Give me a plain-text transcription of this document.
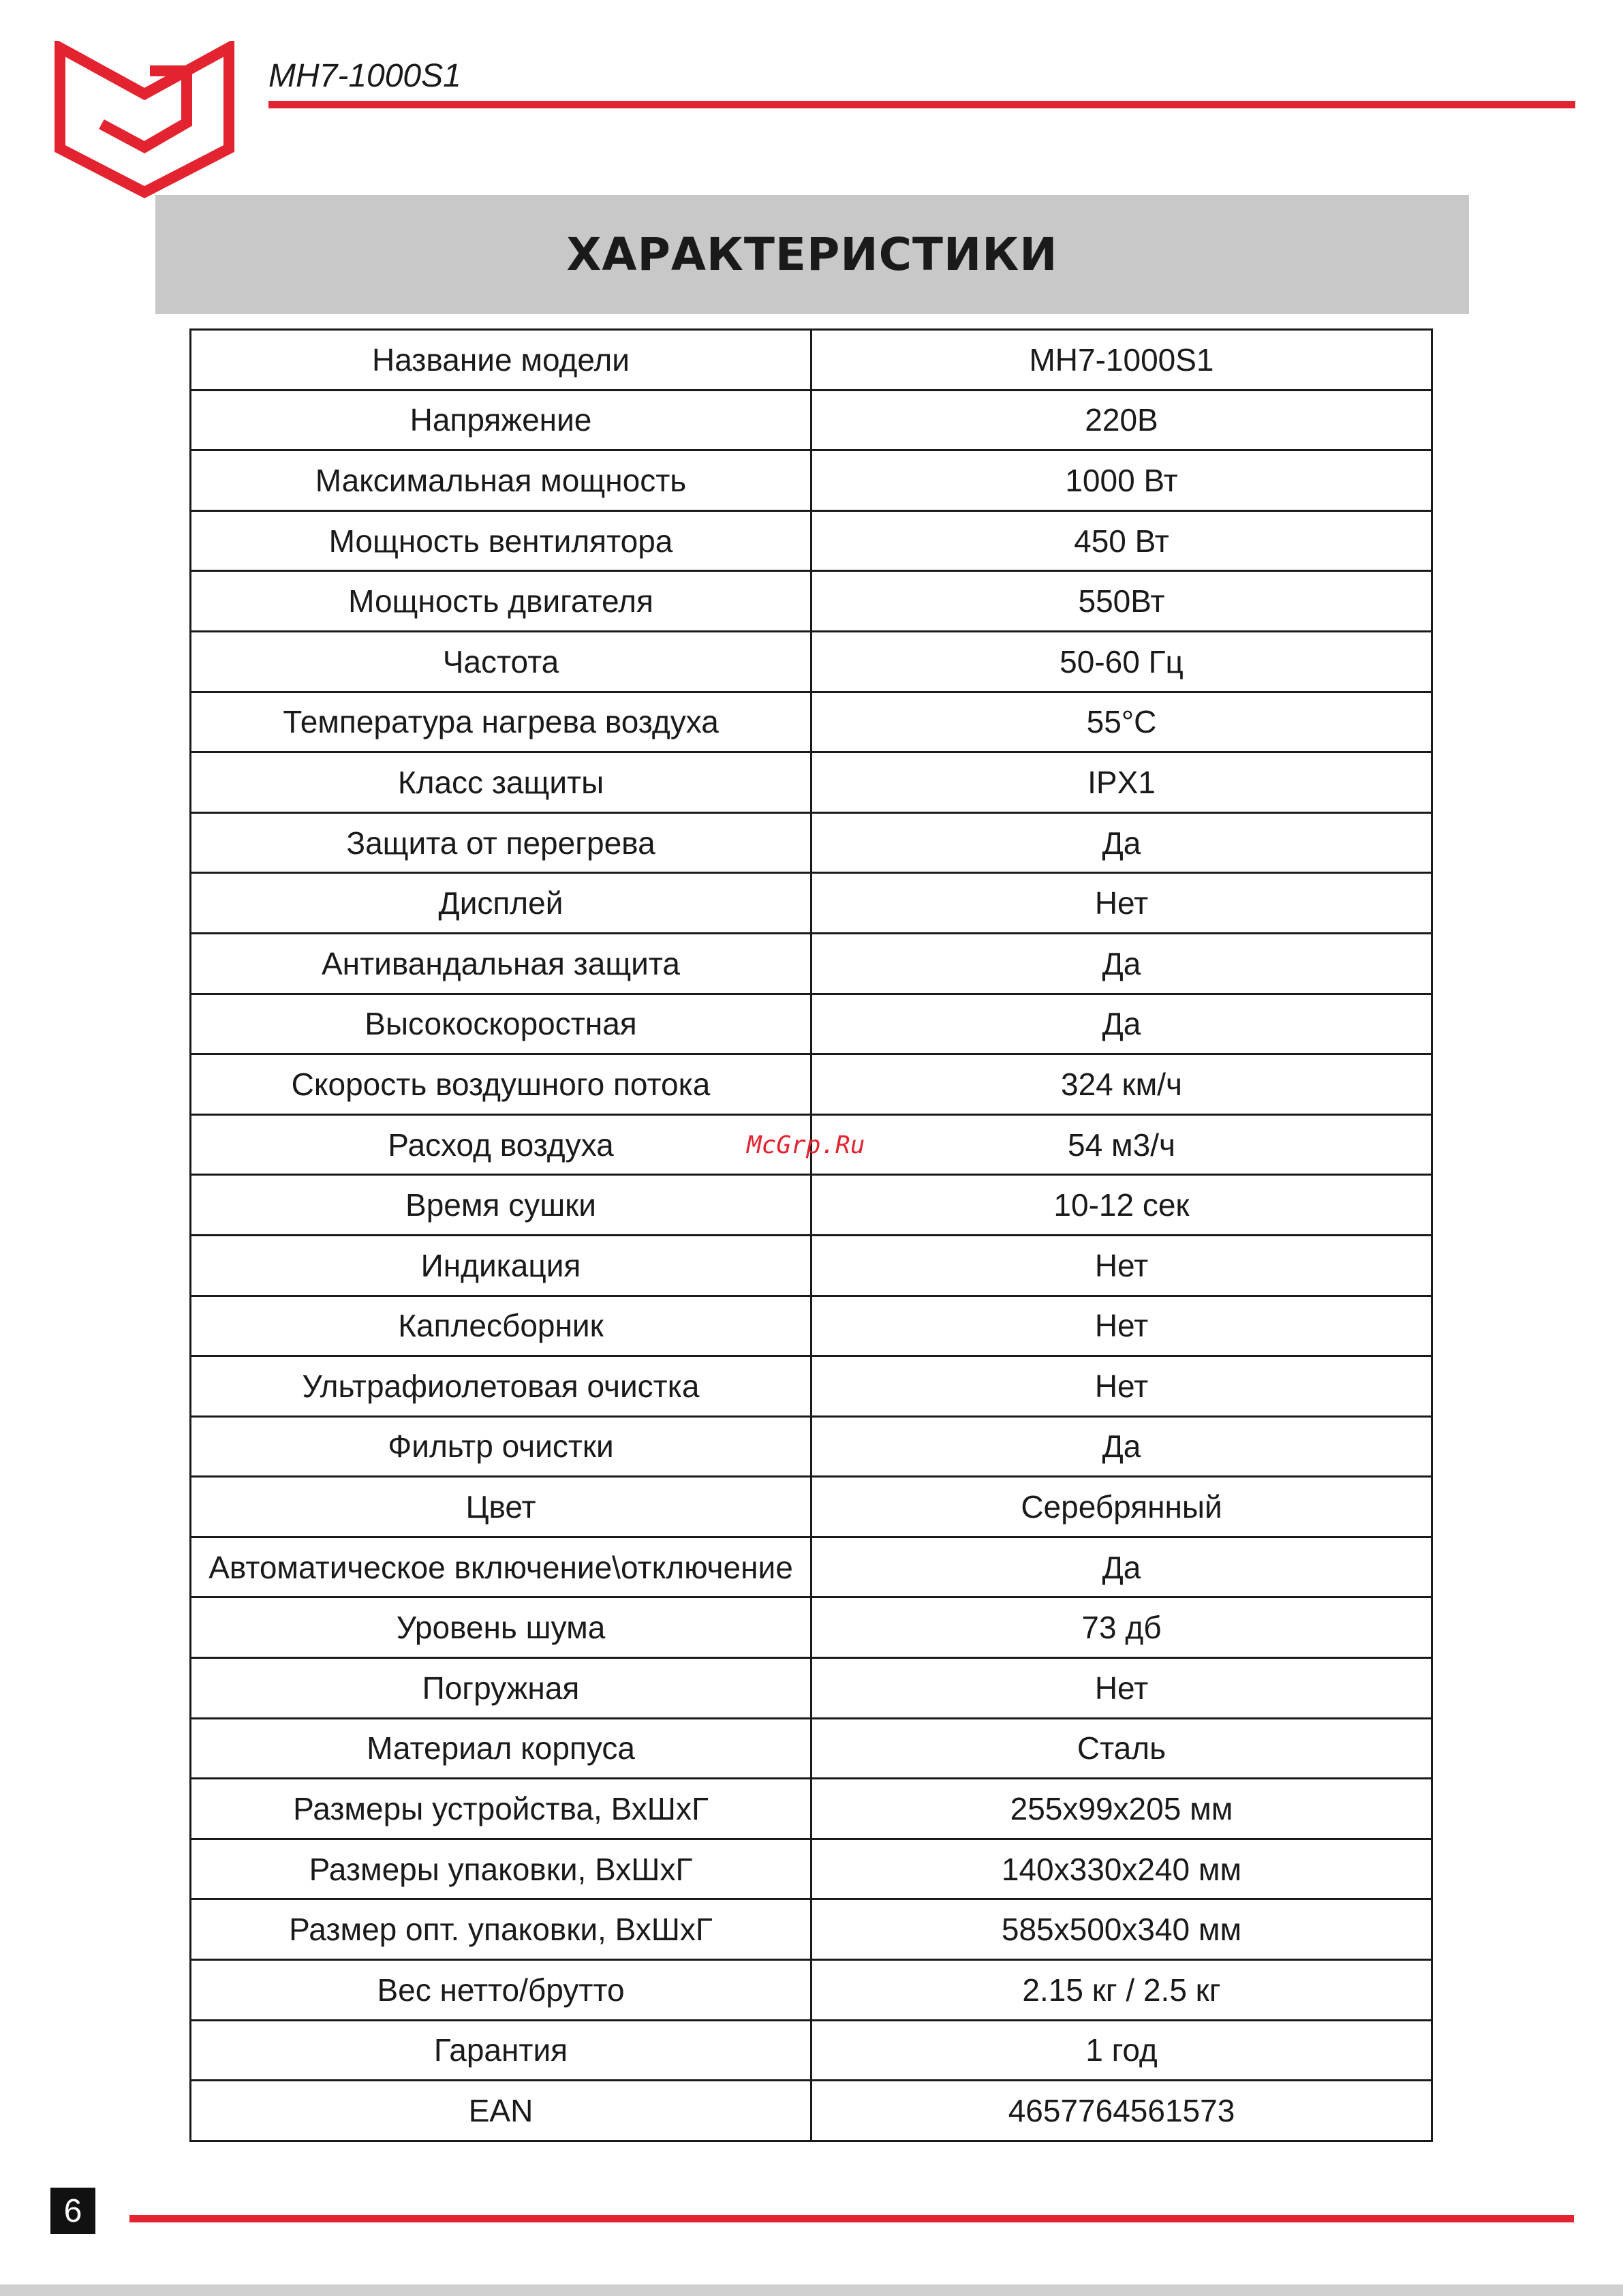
MH7-1000S1
ХАРАКТЕРИСТИКИ
Название модели	MH7-1000S1
Напряжение	220В
Максимальная мощность	1000 Вт
Мощность вентилятора	450 Вт
Мощность двигателя	550Вт
Частота	50-60 Гц
Температура нагрева воздуха	55°C
Класс защиты	IPX1
Защита от перегрева	Да
Дисплей	Нет
Антивандальная защита	Да
Высокоскоростная	Да
Скорость воздушного потока	324 км/ч
Расход воздуха	54 м3/ч
Время сушки	10-12 сек
Индикация	Нет
Каплесборник	Нет
Ультрафиолетовая очистка	Нет
Фильтр очистки	Да
Цвет	Серебрянный
Автоматическое включение\отключение	Да
Уровень шума	73 дб
Погружная	Нет
Материал корпуса	Сталь
Размеры устройства, ВхШхГ	255x99x205 мм
Размеры упаковки, ВхШхГ	140x330x240 мм
Размер опт. упаковки, ВхШхГ	585x500x340 мм
Вес нетто/брутто	2.15 кг / 2.5 кг
Гарантия	1 год
EAN	4657764561573
McGrp.Ru
6
